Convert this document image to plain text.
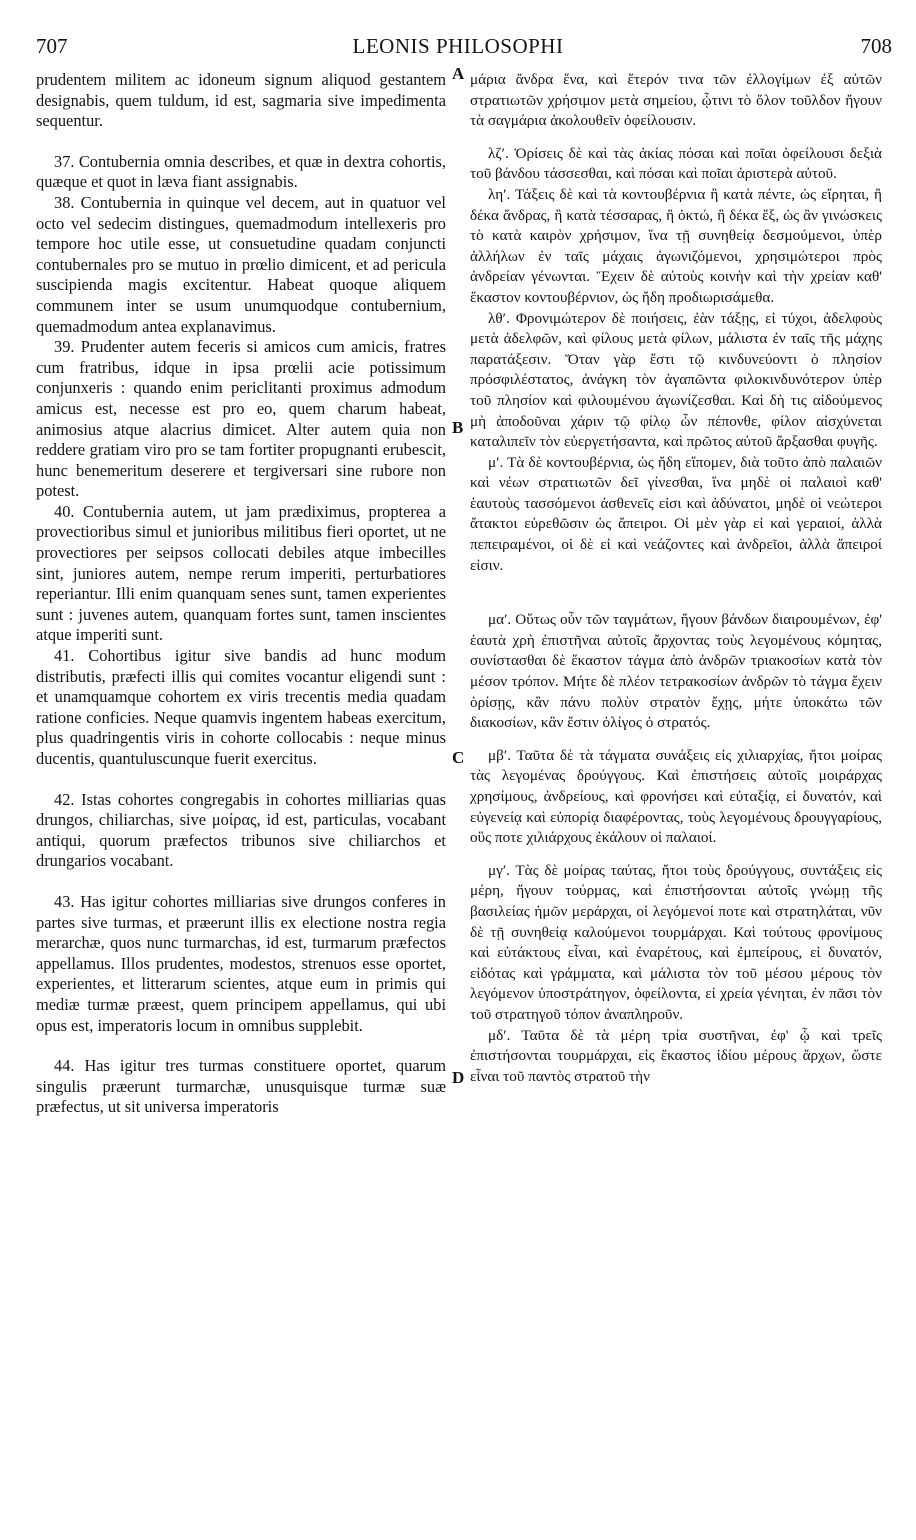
707	LEONIS PHILOSOPHI	708

prudentem militem ac idoneum signum aliquod gestantem designabis, quem tuldum, id est, sagmaria sive impedimenta sequentur.

37. Contubernia omnia describes, et quæ in dextra cohortis, quæque et quot in læva fiant assignabis.

38. Contubernia in quinque vel decem, aut in quatuor vel octo vel sedecim distingues, quemadmodum intellexeris pro tempore hoc utile esse, ut consuetudine quadam conjuncti contubernales pro se mutuo in prœlio dimicent, et ad pericula suscipienda magis excitentur. Habeat quoque aliquem communem inter se usum unumquodque contubernium, quemadmodum antea explanavimus.

39. Prudenter autem feceris si amicos cum amicis, fratres cum fratribus, idque in ipsa prœlii acie potissimum conjunxeris : quando enim periclitanti proximus admodum amicus est, necesse est pro eo, quem charum habeat, animosius atque alacrius dimicet. Alter autem quia non reddere gratiam viro pro se tam fortiter propugnanti erubescit, hunc benemeritum deserere et tergiversari sine rubore non potest.

40. Contubernia autem, ut jam prædiximus, propterea a provectioribus simul et junioribus militibus fieri oportet, ut ne provectiores per seipsos collocati debiles atque imbecilles sint, juniores autem, nempe rerum imperiti, perturbatiores reperiantur. Illi enim quanquam senes sunt, tamen experientes sunt : juvenes autem, quanquam fortes sunt, tamen inscientes atque imperiti sunt.

41. Cohortibus igitur sive bandis ad hunc modum distributis, præfecti illis qui comites vocantur eligendi sunt : et unamquamque cohortem ex viris trecentis media quadam ratione conficies. Neque quamvis ingentem habeas exercitum, plus quadringentis viris in cohorte collocabis : neque minus ducentis, quantuluscunque fuerit exercitus.

42. Istas cohortes congregabis in cohortes milliarias quas drungos, chiliarchas, sive μοίρας, id est, particulas, vocabant antiqui, quorum præfectos tribunos sive chiliarchos et drungarios vocabant.

43. Has igitur cohortes milliarias sive drungos conferes in partes sive turmas, et præerunt illis ex electione nostra regia merarchæ, quos nunc turmarchas, id est, turmarum præfectos appellamus. Illos prudentes, modestos, strenuos esse oportet, experientes, et litterarum scientes, atque eum in primis qui mediæ turmæ præest, quem principem appellamus, qui ubi opus est, imperatoris locum in omnibus supplebit.

44. Has igitur tres turmas constituere oportet, quarum singulis præerunt turmarchæ, unusquisque turmæ suæ præfectus, ut sit universa imperatoris

μάρια ἄνδρα ἕνα, καὶ ἕτερόν τινα τῶν ἐλλογίμων ἐξ αὐτῶν στρατιωτῶν χρήσιμον μετὰ σημείου, ᾧτινι τὸ ὅλον τοῦλδον ἤγουν τὰ σαγμάρια ἀκολουθεῖν ὀφείλουσιν.

λζʹ. Ὁρίσεις δὲ καὶ τὰς ἀκίας πόσαι καὶ ποῖαι ὀφείλουσι δεξιὰ τοῦ βάνδου τάσσεσθαι, καὶ πόσαι καὶ ποῖαι ἀριστερὰ αὐτοῦ.

ληʹ. Τάξεις δὲ καὶ τὰ κοντουβέρνια ἢ κατὰ πέντε, ὡς εἴρηται, ἢ δέκα ἄνδρας, ἢ κατὰ τέσσαρας, ἢ ὀκτώ, ἢ δέκα ἕξ, ὡς ἂν γινώσκεις τὸ κατὰ καιρὸν χρήσιμον, ἵνα τῇ συνηθείᾳ δεσμούμενοι, ὑπὲρ ἀλλήλων ἐν ταῖς μάχαις ἀγωνιζόμενοι, χρησιμώτεροι πρὸς ἀνδρείαν γένωνται. Ἔχειν δὲ αὐτοὺς κοινὴν καὶ τὴν χρείαν καθ' ἕκαστον κοντουβέρνιον, ὡς ἤδη προδιωρισάμεθα.

λθʹ. Φρονιμώτερον δὲ ποιήσεις, ἐὰν τάξῃς, εἰ τύχοι, ἀδελφοὺς μετὰ ἀδελφῶν, καὶ φίλους μετὰ φίλων, μάλιστα ἐν ταῖς τῆς μάχης παρατάξεσιν. Ὅταν γὰρ ἔστι τῷ κινδυνεύοντι ὁ πλησίον πρόσφιλέστατος, ἀνάγκη τὸν ἀγαπῶντα φιλοκινδυνότερον ὑπὲρ τοῦ πλησίον καὶ φιλουμένου ἀγωνίζεσθαι. Καὶ δὴ τις αἰδούμενος μὴ ἀποδοῦναι χάριν τῷ φίλῳ ὧν πέπονθε, φίλον αἰσχύνεται καταλιπεῖν τὸν εὐεργετήσαντα, καὶ πρῶτος αὐτοῦ ἄρξασθαι φυγῆς.

μʹ. Τὰ δὲ κοντουβέρνια, ὡς ἤδη εἴπομεν, διὰ τοῦτο ἀπὸ παλαιῶν καὶ νέων στρατιωτῶν δεῖ γίνεσθαι, ἵνα μηδὲ οἱ παλαιοὶ καθ' ἑαυτοὺς τασσόμενοι ἀσθενεῖς εἰσι καὶ ἀδύνατοι, μηδὲ οἱ νεώτεροι ἄτακτοι εὑρεθῶσιν ὡς ἄπειροι. Οἱ μὲν γὰρ εἰ καὶ γεραιοί, ἀλλὰ πεπειραμένοι, οἱ δὲ εἰ καὶ νεάζοντες καὶ ἀνδρεῖοι, ἀλλὰ ἄπειροί εἰσιν.

μαʹ. Οὕτως οὖν τῶν ταγμάτων, ἤγουν βάνδων διαιρουμένων, ἐφ' ἑαυτὰ χρὴ ἐπιστῆναι αὐτοῖς ἄρχοντας τοὺς λεγομένους κόμητας, συνίστασθαι δὲ ἕκαστον τάγμα ἀπὸ ἀνδρῶν τριακοσίων κατὰ τὸν μέσον τρόπον. Μήτε δὲ πλέον τετρακοσίων ἀνδρῶν τὸ τάγμα ἔχειν ὁρίσῃς, κἂν πάνυ πολὺν στρατὸν ἔχῃς, μήτε ὑποκάτω τῶν διακοσίων, κἂν ἔστιν ὀλίγος ὁ στρατός.

μβʹ. Ταῦτα δὲ τὰ τάγματα συνάξεις εἰς χιλιαρχίας, ἤτοι μοίρας τὰς λεγομένας δρούγγους. Καὶ ἐπιστήσεις αὐτοῖς μοιράρχας χρησίμους, ἀνδρείους, καὶ φρονήσει καὶ εὐταξίᾳ, εἰ δυνατόν, καὶ εὐγενείᾳ καὶ εὐπορίᾳ διαφέροντας, τοὺς λεγομένους δρουγγαρίους, οὓς ποτε χιλιάρχους ἐκάλουν οἱ παλαιοί.

μγʹ. Τὰς δὲ μοίρας ταύτας, ἤτοι τοὺς δρούγγους, συντάξεις εἰς μέρη, ἤγουν τούρμας, καὶ ἐπιστήσονται αὐτοῖς γνώμῃ τῆς βασιλείας ἡμῶν μεράρχαι, οἱ λεγόμενοί ποτε καὶ στρατηλάται, νῦν δὲ τῇ συνηθείᾳ καλούμενοι τουρμάρχαι. Καὶ τούτους φρονίμους καὶ εὐτάκτους εἶναι, καὶ ἐναρέτους, καὶ ἐμπείρους, εἰ δυνατόν, εἰδότας καὶ γράμματα, καὶ μάλιστα τὸν τοῦ μέσου μέρους τὸν λεγόμενον ὑποστράτηγον, ὀφείλοντα, εἰ χρεία γένηται, ἐν πᾶσι τὸν τοῦ στρατηγοῦ τόπον ἀναπληροῦν.

μδʹ. Ταῦτα δὲ τὰ μέρη τρία συστῆναι, ἐφ' ᾧ καὶ τρεῖς ἐπιστήσονται τουρμάρχαι, εἰς ἕκαστος ἰδίου μέρους ἄρχων, ὥστε εἶναι τοῦ παντὸς στρατοῦ τὴν

A
B
C
D
